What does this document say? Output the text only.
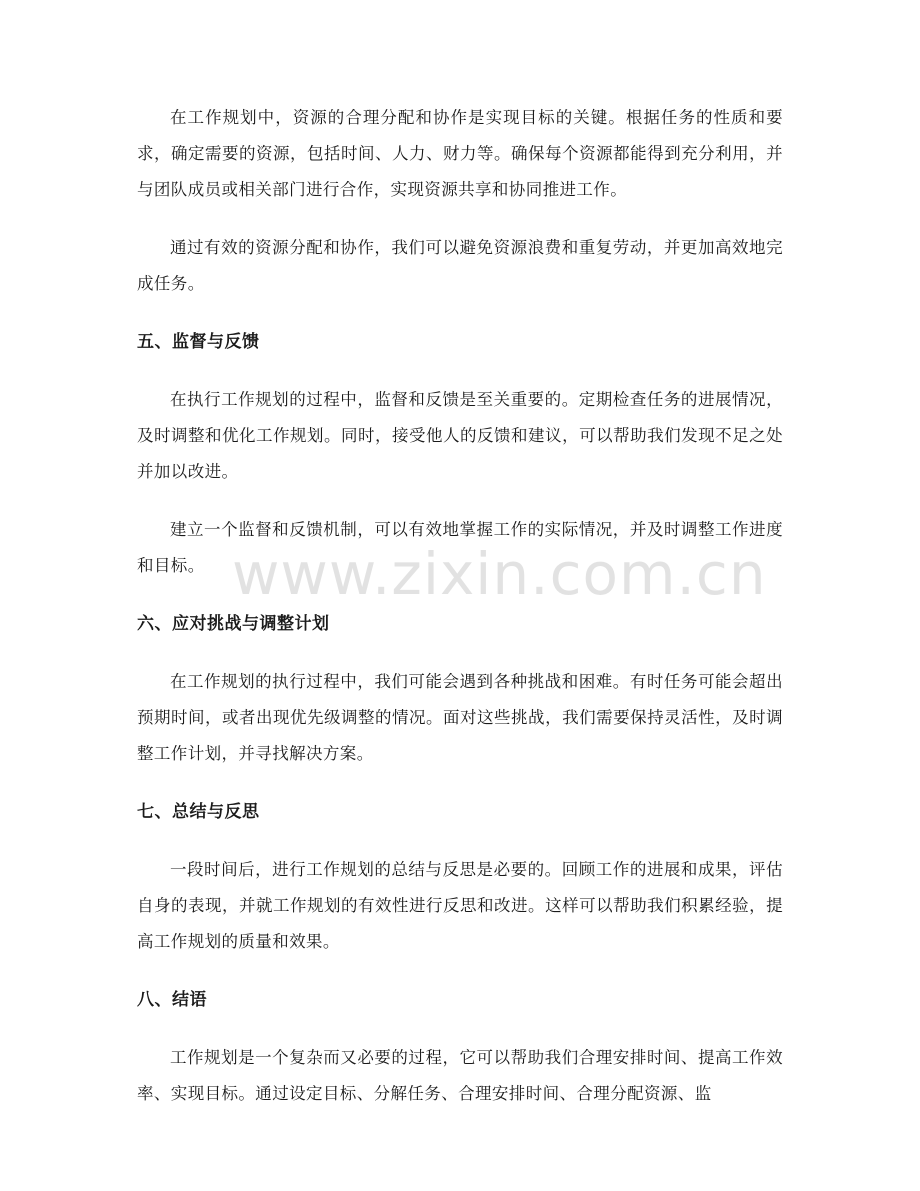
www.zixin.com.cn

在工作规划中，资源的合理分配和协作是实现目标的关键。根据任务的性质和要求，确定需要的资源，包括时间、人力、财力等。确保每个资源都能得到充分利用，并与团队成员或相关部门进行合作，实现资源共享和协同推进工作。

通过有效的资源分配和协作，我们可以避免资源浪费和重复劳动，并更加高效地完成任务。

五、监督与反馈

在执行工作规划的过程中，监督和反馈是至关重要的。定期检查任务的进展情况，及时调整和优化工作规划。同时，接受他人的反馈和建议，可以帮助我们发现不足之处并加以改进。

建立一个监督和反馈机制，可以有效地掌握工作的实际情况，并及时调整工作进度和目标。

六、应对挑战与调整计划

在工作规划的执行过程中，我们可能会遇到各种挑战和困难。有时任务可能会超出预期时间，或者出现优先级调整的情况。面对这些挑战，我们需要保持灵活性，及时调整工作计划，并寻找解决方案。

七、总结与反思

一段时间后，进行工作规划的总结与反思是必要的。回顾工作的进展和成果，评估自身的表现，并就工作规划的有效性进行反思和改进。这样可以帮助我们积累经验，提高工作规划的质量和效果。

八、结语

工作规划是一个复杂而又必要的过程，它可以帮助我们合理安排时间、提高工作效率、实现目标。通过设定目标、分解任务、合理安排时间、合理分配资源、监
